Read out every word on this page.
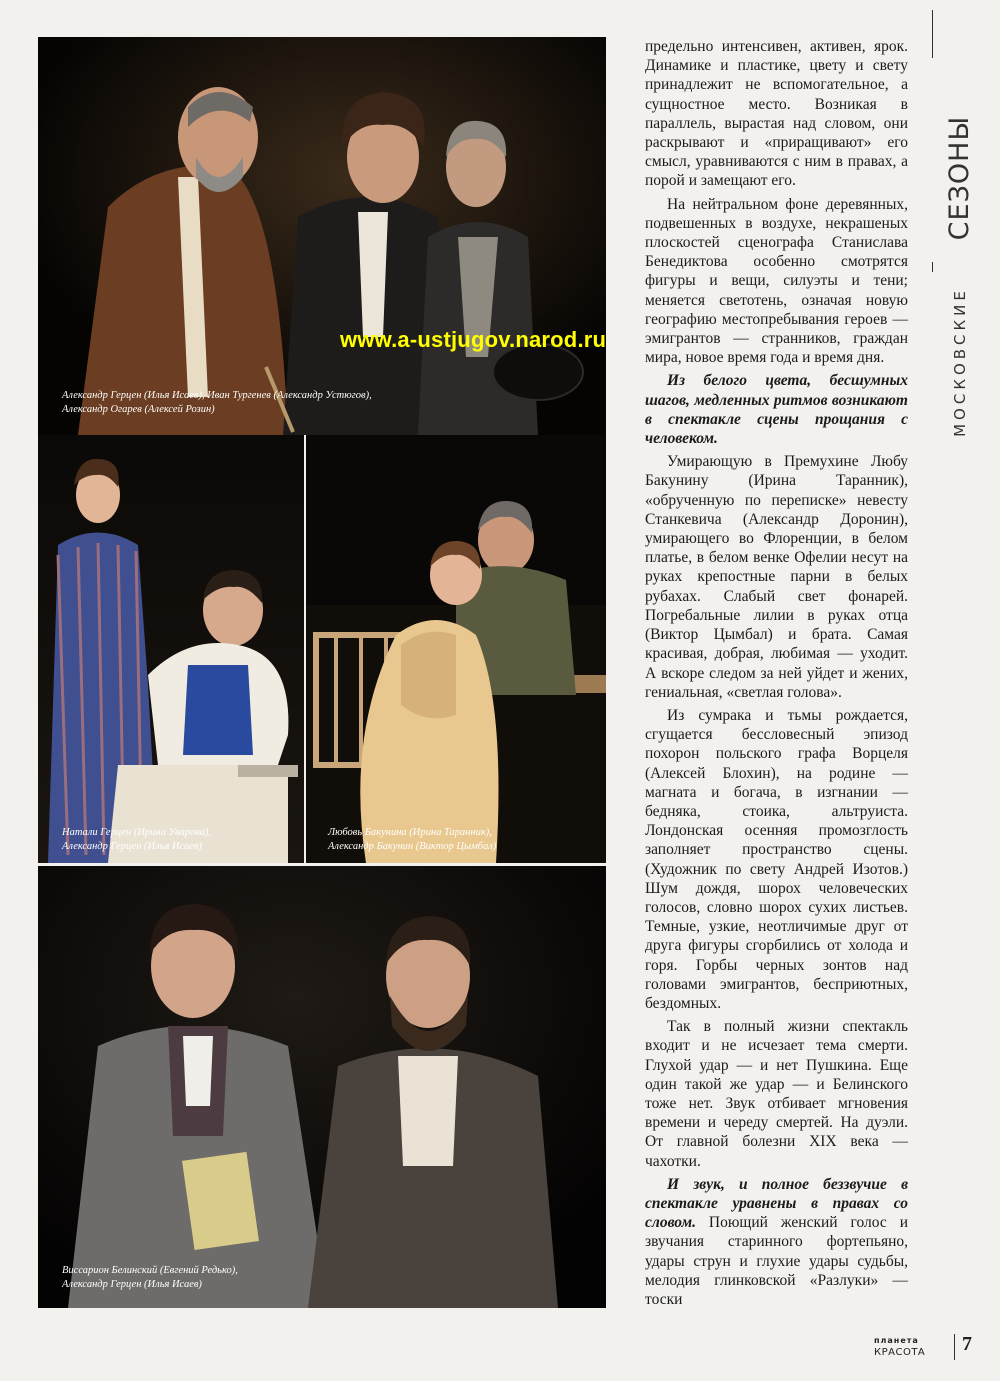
Александр Герцен (Илья Исаев), Иван Тургенев (Александр Устюгов),
Александр Огарев (Алексей Розин)

www.a-ustjugov.narod.ru

Натали Герцен (Ирина Уварова),
Александр Герцен (Илья Исаев)

Любовь Бакунина (Ирина Таранник),
Александр Бакунин (Виктор Цымбал)

Виссарион Белинский (Евгений Редько),
Александр Герцен (Илья Исаев)

предельно интенсивен, активен, ярок. Динамике и пластике, цвету и свету принадлежит не вспомогательное, а сущностное место. Возникая в параллель, вырастая над словом, они раскрывают и «приращивают» его смысл, уравниваются с ним в правах, а порой и замещают его.

На нейтральном фоне деревянных, подвешенных в воздухе, некрашеных плоскостей сценографа Станислава Бенедиктова особенно смотрятся фигуры и вещи, силуэты и тени; меняется светотень, означая новую географию местопребывания героев — эмигрантов — странников, граждан мира, новое время года и время дня.

Из белого цвета, бесшумных шагов, медленных ритмов возникают в спектакле сцены прощания с человеком.

Умирающую в Премухине Любу Бакунину (Ирина Таранник), «обрученную по переписке» невесту Станкевича (Александр Доронин), умирающего во Флоренции, в белом платье, в белом венке Офелии несут на руках крепостные парни в белых рубахах. Слабый свет фонарей. Погребальные лилии в руках отца (Виктор Цымбал) и брата. Самая красивая, добрая, любимая — уходит. А вскоре следом за ней уйдет и жених, гениальная, «светлая голова».

Из сумрака и тьмы рождается, сгущается бессловесный эпизод похорон польского графа Ворцеля (Алексей Блохин), на родине — магната и богача, в изгнании — бедняка, стоика, альтруиста. Лондонская осенняя промозглость заполняет пространство сцены. (Художник по свету Андрей Изотов.) Шум дождя, шорох человеческих голосов, словно шорох сухих листьев. Темные, узкие, неотличимые друг от друга фигуры сгорбились от холода и горя. Горбы черных зонтов над головами эмигрантов, бесприютных, бездомных.

Так в полный жизни спектакль входит и не исчезает тема смерти. Глухой удар — и нет Пушкина. Еще один такой же удар — и Белинского тоже нет. Звук отбивает мгновения времени и череду смертей. На дуэли. От главной болезни XIX века — чахотки.

И звук, и полное беззвучие в спектакле уравнены в правах со словом. Поющий женский голос и звучания старинного фортепьяно, удары струн и глухие удары судьбы, мелодия глинковской «Разлуки» — тоски

СЕЗОНЫ

МОСКОВСКИЕ

планета
КРАСОТА	7
